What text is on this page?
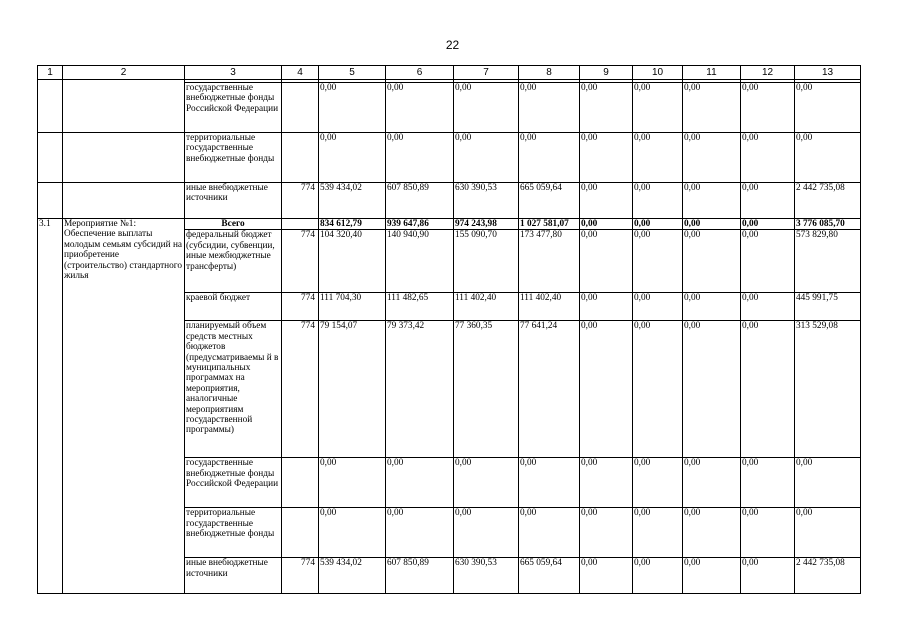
22
1	2	3	4	5	6	7	8	9	10	11	12	13

		государственные внебюджетные фонды Российской Федерации		0,00	0,00	0,00	0,00	0,00	0,00	0,00	0,00	0,00
		территориальные государственные внебюджетные фонды		0,00	0,00	0,00	0,00	0,00	0,00	0,00	0,00	0,00
		иные внебюджетные источники	774	539 434,02	607 850,89	630 390,53	665 059,64	0,00	0,00	0,00	0,00	2 442 735,08
3.1	Мероприятие №1: Обеспечение выплаты молодым семьям субсидий на приобретение (строительство) стандартного жилья	Всего		834 612,79	939 647,86	974 243,98	1 027 581,07	0,00	0,00	0,00	0,00	3 776 085,70
		федеральный бюджет (субсидии, субвенции, иные межбюджетные трансферты)	774	104 320,40	140 940,90	155 090,70	173 477,80	0,00	0,00	0,00	0,00	573 829,80
		краевой бюджет	774	111 704,30	111 482,65	111 402,40	111 402,40	0,00	0,00	0,00	0,00	445 991,75
		планируемый объем средств местных бюджетов (предусматриваемы й в муниципальных программах на мероприятия, аналогичные мероприятиям государственной программы)	774	79 154,07	79 373,42	77 360,35	77 641,24	0,00	0,00	0,00	0,00	313 529,08
		государственные внебюджетные фонды Российской Федерации		0,00	0,00	0,00	0,00	0,00	0,00	0,00	0,00	0,00
		территориальные государственные внебюджетные фонды		0,00	0,00	0,00	0,00	0,00	0,00	0,00	0,00	0,00
		иные внебюджетные источники	774	539 434,02	607 850,89	630 390,53	665 059,64	0,00	0,00	0,00	0,00	2 442 735,08
